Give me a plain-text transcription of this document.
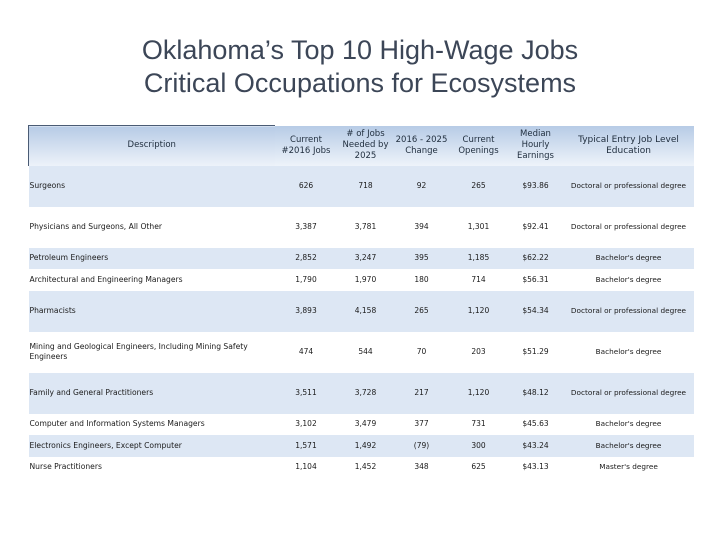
Oklahoma’s Top 10 High-Wage Jobs
Critical Occupations for Ecosystems
Description	Current #2016 Jobs	# of Jobs Needed by 2025	2016 - 2025 Change	Current Openings	Median Hourly Earnings	Typical Entry Job Level Education
Surgeons	626	718	92	265	$93.86	Doctoral or professional degree
Physicians and Surgeons, All Other	3,387	3,781	394	1,301	$92.41	Doctoral or professional degree
Petroleum Engineers	2,852	3,247	395	1,185	$62.22	Bachelor's degree
Architectural and Engineering Managers	1,790	1,970	180	714	$56.31	Bachelor's degree
Pharmacists	3,893	4,158	265	1,120	$54.34	Doctoral or professional degree
Mining and Geological Engineers, Including Mining Safety Engineers	474	544	70	203	$51.29	Bachelor's degree
Family and General Practitioners	3,511	3,728	217	1,120	$48.12	Doctoral or professional degree
Computer and Information Systems Managers	3,102	3,479	377	731	$45.63	Bachelor's degree
Electronics Engineers, Except Computer	1,571	1,492	(79)	300	$43.24	Bachelor's degree
Nurse Practitioners	1,104	1,452	348	625	$43.13	Master's degree
